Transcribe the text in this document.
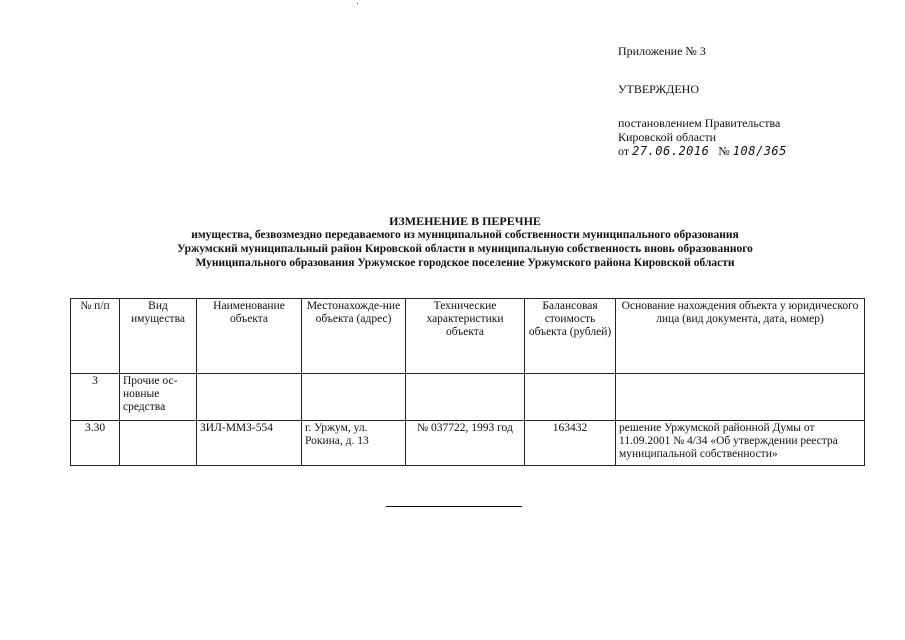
Приложение № 3
УТВЕРЖДЕНО
постановлением Правительства
Кировской области
от 27.06.2016 № 108/365
ИЗМЕНЕНИЕ В ПЕРЕЧНЕ
имущества, безвозмездно передаваемого из муниципальной собственности муниципального образования
Уржумский муниципальный район Кировской области в муниципальную собственность вновь образованного
Муниципального образования Уржумское городское поселение Уржумского района Кировской области
№ п/п	Вид имущества	Наименование объекта	Местонахожде-ние объекта (адрес)	Технические характеристики объекта	Балансовая стоимость объекта (рублей)	Основание нахождения объекта у юридического лица (вид документа, дата, номер)
3	Прочие ос-новные средства					
3.30		ЗИЛ-ММЗ-554	г. Уржум, ул. Рокина, д. 13	№ 037722, 1993 год	163432	решение Уржумской районной Думы от 11.09.2001 № 4/34 «Об утверждении реестра муниципальной собственности»
